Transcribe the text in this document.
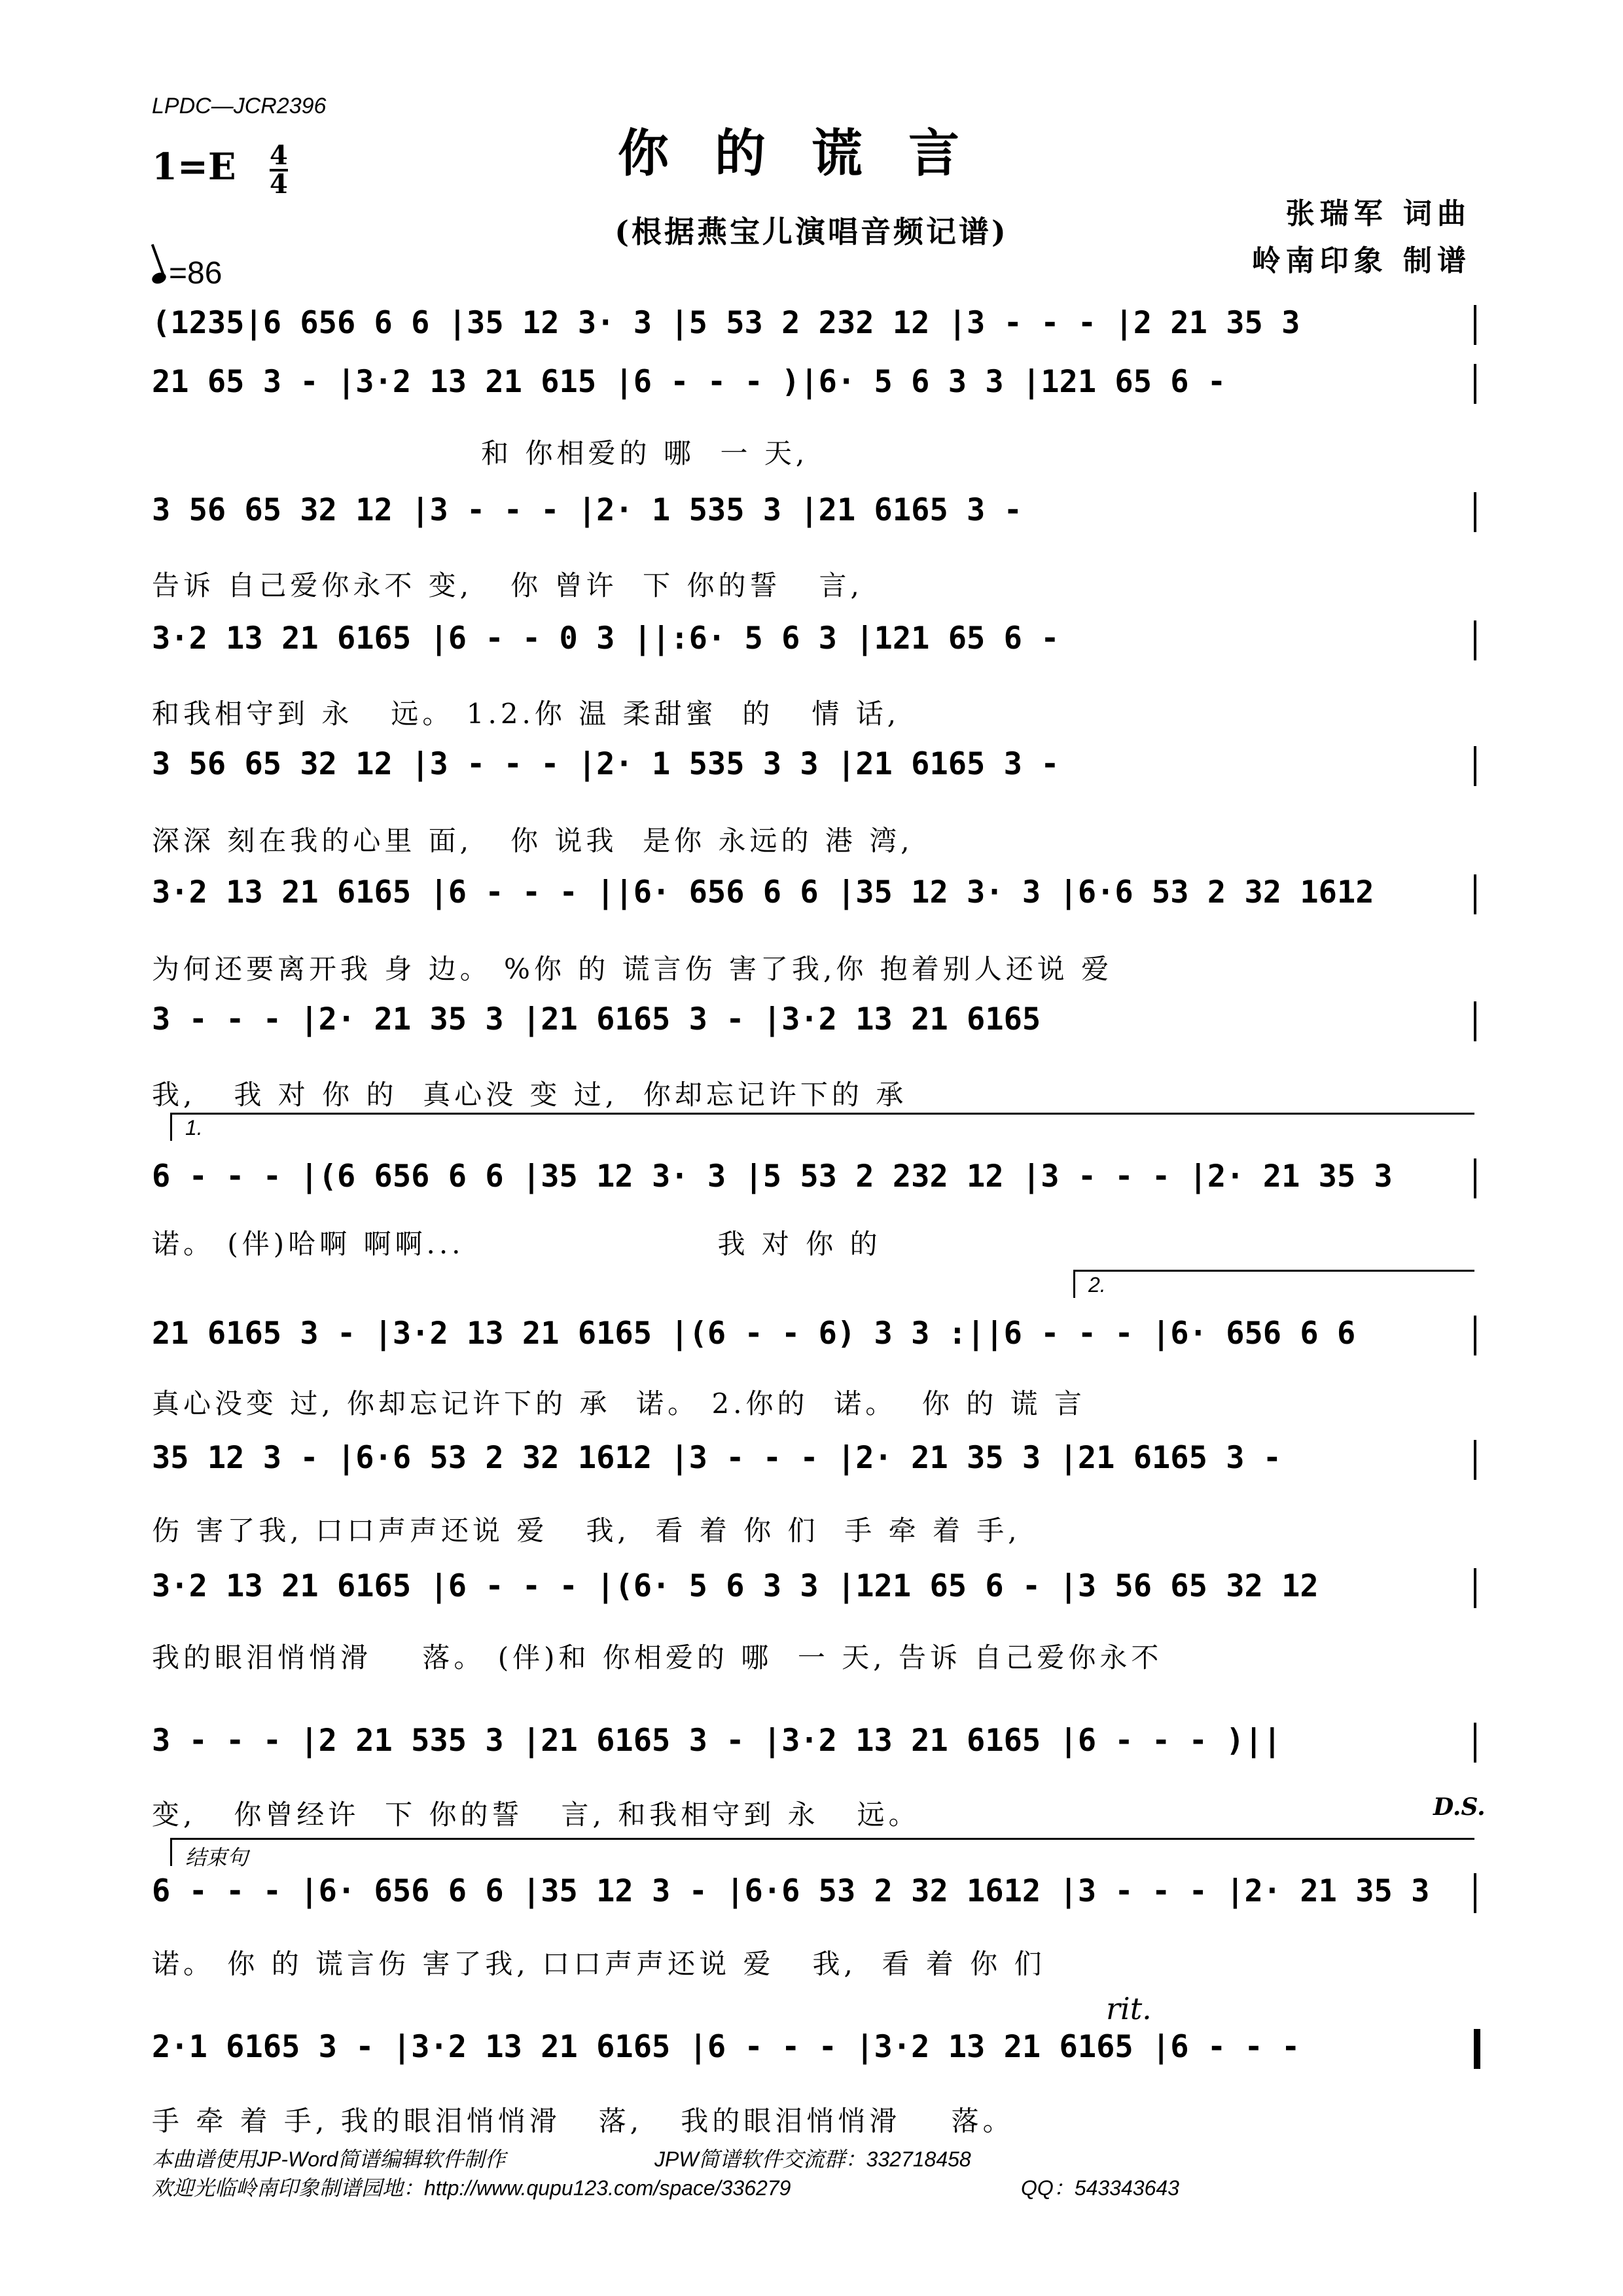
LPDC—JCR2396
你的谎言
(根据燕宝儿演唱音频记谱)
$1=E \frac{4}{4}$
张瑞军 词曲
岭南印象 制谱
=86
(1235|6 656 6 6 |35 12 3· 3 |5 53 2 232 12 |3 - - - |2 21 35 3
21 65 3 - |3·2 13 21 615 |6 - - - )|6· 5 6 3 3 |121 65 6 -
和 你相爱的 哪  一 天,
3 56 65 32 12 |3 - - - |2· 1 535 3 |21 6165 3 -
告诉 自己爱你永不 变,   你 曾许  下 你的誓   言,
3·2 13 21 6165 |6 - - 0 3 ||:6· 5 6 3 |121 65 6 -
和我相守到 永   远。 1.2.你 温 柔甜蜜  的   情 话,
3 56 65 32 12 |3 - - - |2· 1 535 3 3 |21 6165 3 -
深深 刻在我的心里 面,   你 说我  是你 永远的 港 湾,
3·2 13 21 6165 |6 - - - ||6· 656 6 6 |35 12 3· 3 |6·6 53 2 32 1612
为何还要离开我 身 边。 %你 的 谎言伤 害了我,你 抱着别人还说 爱
3 - - - |2· 21 35 3 |21 6165 3 - |3·2 13 21 6165
我,   我 对 你 的  真心没 变 过,  你却忘记许下的 承
1.
6 - - - |(6 656 6 6 |35 12 3· 3 |5 53 2 232 12 |3 - - - |2· 21 35 3
诺。 (伴)哈啊 啊啊...                    我 对 你 的
2.
21 6165 3 - |3·2 13 21 6165 |(6 - - 6) 3 3 :||6 - - - |6· 656 6 6
真心没变 过, 你却忘记许下的 承  诺。 2.你的  诺。  你 的 谎 言
35 12 3 - |6·6 53 2 32 1612 |3 - - - |2· 21 35 3 |21 6165 3 -
伤 害了我, 口口声声还说 爱   我,  看 着 你 们  手 牵 着 手,
3·2 13 21 6165 |6 - - - |(6· 5 6 3 3 |121 65 6 - |3 56 65 32 12
我的眼泪悄悄滑    落。 (伴)和 你相爱的 哪  一 天, 告诉 自己爱你永不
3 - - - |2 21 535 3 |21 6165 3 - |3·2 13 21 6165 |6 - - - )||
变,   你曾经许  下 你的誓   言, 和我相守到 永   远。	D.S.
结束句
6 - - - |6· 656 6 6 |35 12 3 - |6·6 53 2 32 1612 |3 - - - |2· 21 35 3
诺。 你 的 谎言伤 害了我, 口口声声还说 爱   我,  看 着 你 们
rit.
2·1 6165 3 - |3·2 13 21 6165 |6 - - - |3·2 13 21 6165 |6 - - -
手 牵 着 手, 我的眼泪悄悄滑   落,   我的眼泪悄悄滑    落。
本曲谱使用JP-Word简谱编辑软件制作	JPW简谱软件交流群：332718458
欢迎光临岭南印象制谱园地：http://www.qupu123.com/space/336279	QQ：543343643
